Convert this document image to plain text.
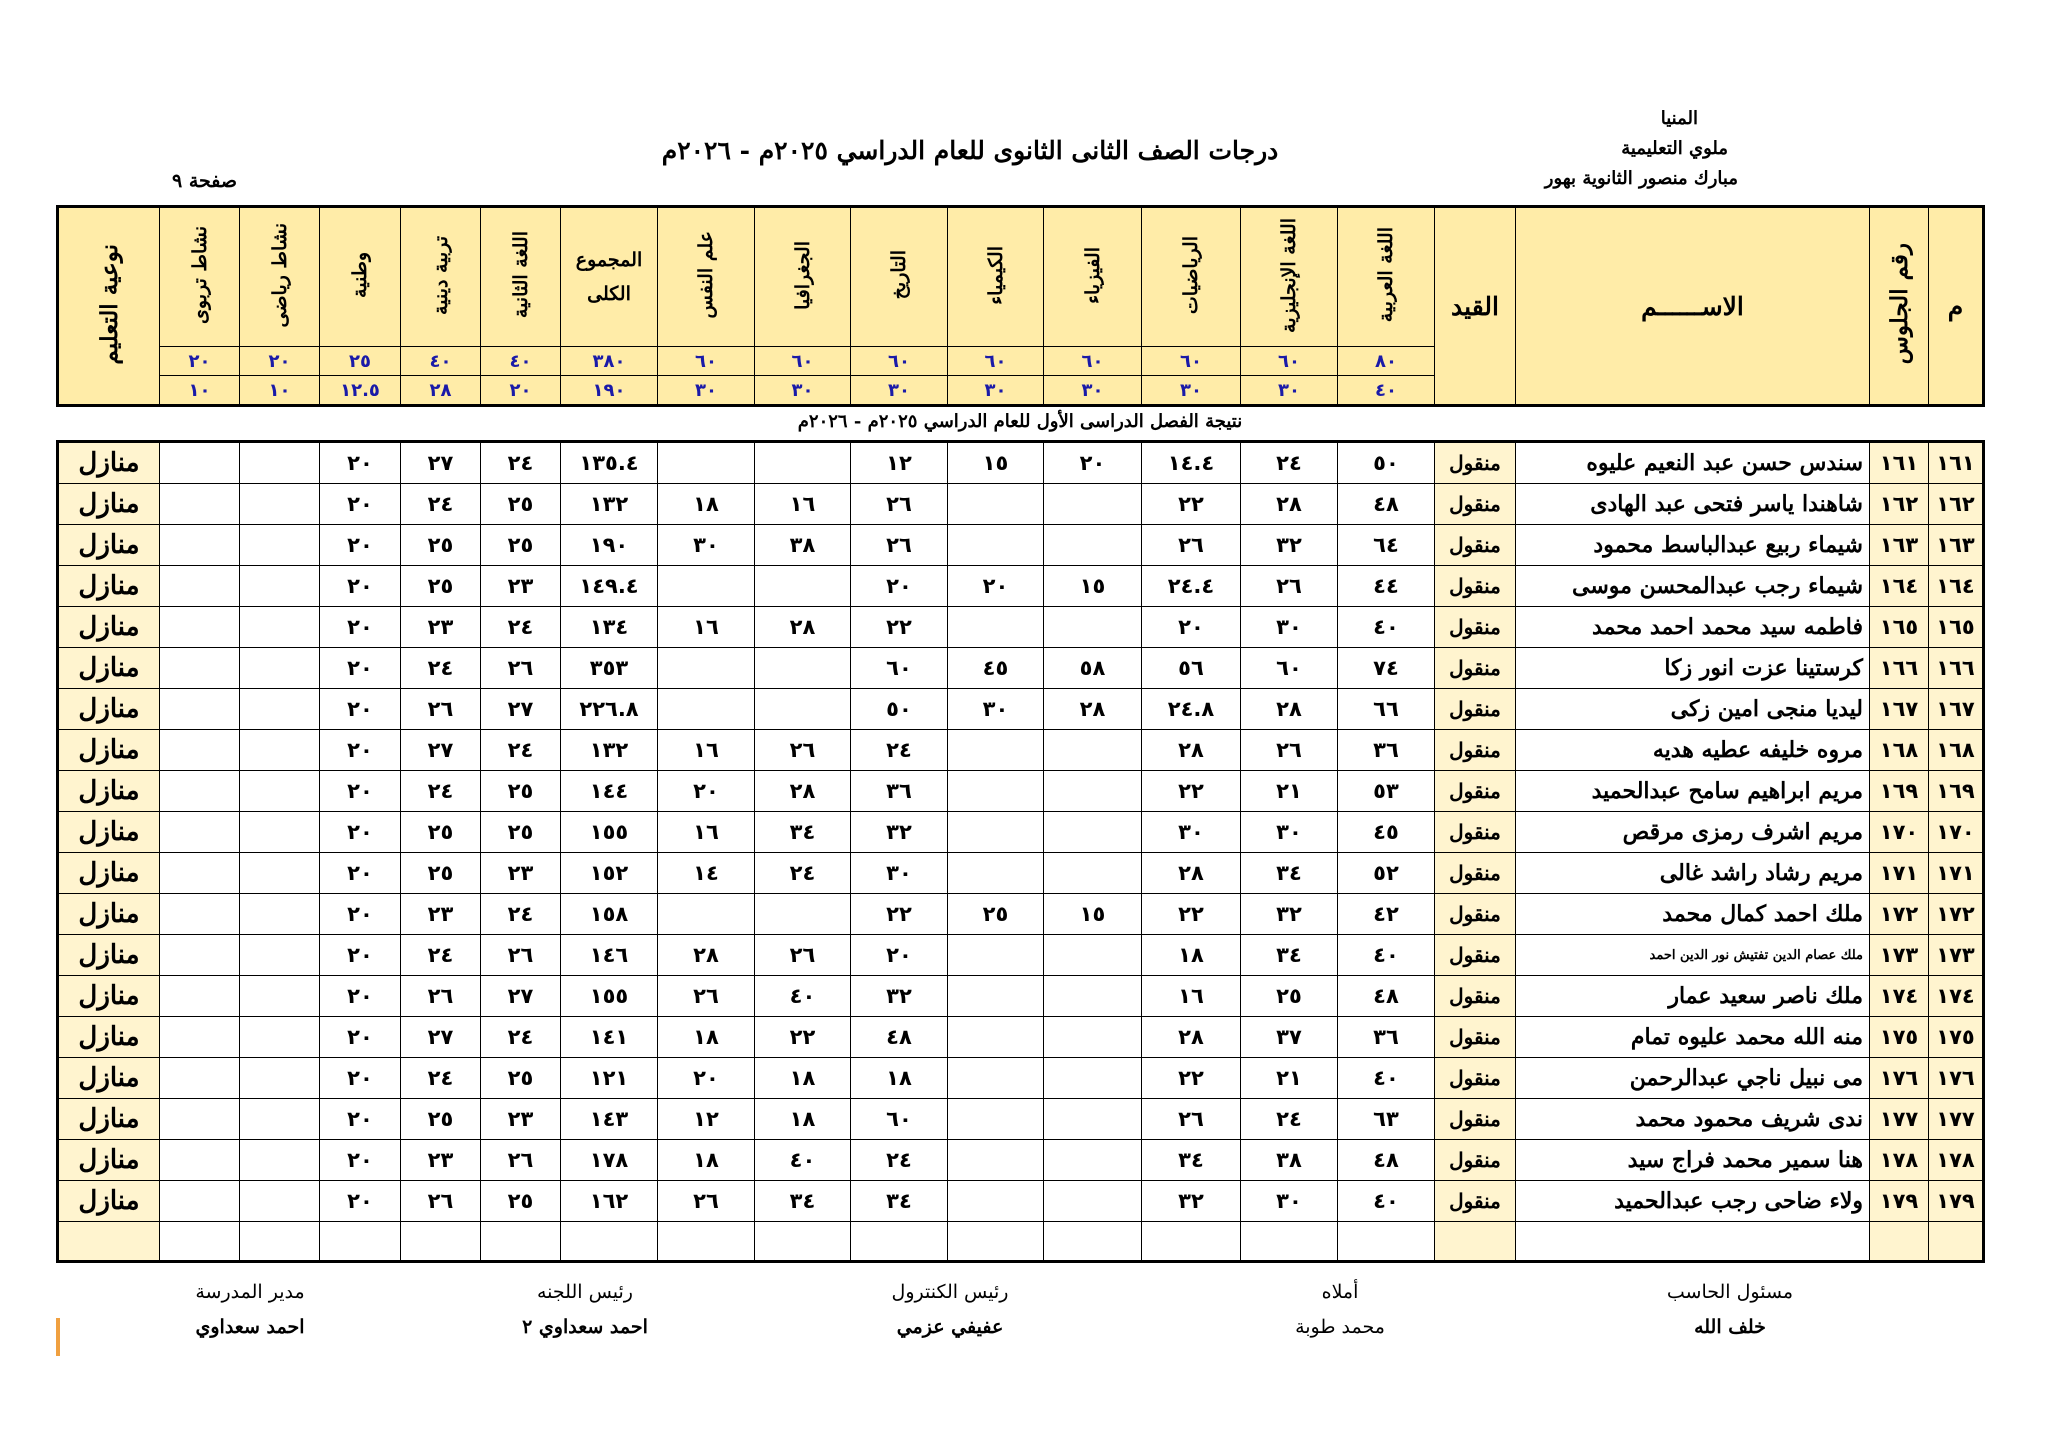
المنيا
ملوي التعليمية
مبارك منصور الثانوية بهور
درجات الصف الثانى الثانوى للعام الدراسي ٢٠٢٥م - ٢٠٢٦م
صفحة ٩
م	رقم الجلوس	الاســــــم	القيد	اللغة العربية	اللغة الإنجليزية	الرياضيات	الفيزياء	الكيمياء	التاريخ	الجغرافيا	علم النفس	المجموع
الكلى	اللغة الثانية	تربية دينية	وطنية	نشاط رياضى	نشاط تربوى	نوعية التعليم
				٨٠	٦٠	٦٠	٦٠	٦٠	٦٠	٦٠	٦٠	٣٨٠	٤٠	٤٠	٢٥	٢٠	٢٠	
				٤٠	٣٠	٣٠	٣٠	٣٠	٣٠	٣٠	٣٠	١٩٠	٢٠	٢٨	١٢.٥	١٠	١٠	
نتيجة الفصل الدراسى الأول للعام الدراسي ٢٠٢٥م - ٢٠٢٦م
١٦١	١٦١	سندس حسن عبد النعيم عليوه	منقول	٥٠	٢٤	١٤.٤	٢٠	١٥	١٢			١٣٥.٤	٢٤	٢٧	٢٠			منازل
١٦٢	١٦٢	شاهندا ياسر فتحى عبد الهادى	منقول	٤٨	٢٨	٢٢			٢٦	١٦	١٨	١٣٢	٢٥	٢٤	٢٠			منازل
١٦٣	١٦٣	شيماء ربيع عبدالباسط محمود	منقول	٦٤	٣٢	٢٦			٢٦	٣٨	٣٠	١٩٠	٢٥	٢٥	٢٠			منازل
١٦٤	١٦٤	شيماء رجب عبدالمحسن موسى	منقول	٤٤	٢٦	٢٤.٤	١٥	٢٠	٢٠			١٤٩.٤	٢٣	٢٥	٢٠			منازل
١٦٥	١٦٥	فاطمه سيد محمد احمد محمد	منقول	٤٠	٣٠	٢٠			٢٢	٢٨	١٦	١٣٤	٢٤	٢٣	٢٠			منازل
١٦٦	١٦٦	كرستينا عزت انور زكا	منقول	٧٤	٦٠	٥٦	٥٨	٤٥	٦٠			٣٥٣	٢٦	٢٤	٢٠			منازل
١٦٧	١٦٧	ليديا منجى امين زكى	منقول	٦٦	٢٨	٢٤.٨	٢٨	٣٠	٥٠			٢٢٦.٨	٢٧	٢٦	٢٠			منازل
١٦٨	١٦٨	مروه خليفه عطيه هديه	منقول	٣٦	٢٦	٢٨			٢٤	٢٦	١٦	١٣٢	٢٤	٢٧	٢٠			منازل
١٦٩	١٦٩	مريم ابراهيم سامح عبدالحميد	منقول	٥٣	٢١	٢٢			٣٦	٢٨	٢٠	١٤٤	٢٥	٢٤	٢٠			منازل
١٧٠	١٧٠	مريم اشرف رمزى مرقص	منقول	٤٥	٣٠	٣٠			٣٢	٣٤	١٦	١٥٥	٢٥	٢٥	٢٠			منازل
١٧١	١٧١	مريم رشاد راشد غالى	منقول	٥٢	٣٤	٢٨			٣٠	٢٤	١٤	١٥٢	٢٣	٢٥	٢٠			منازل
١٧٢	١٧٢	ملك احمد كمال محمد	منقول	٤٢	٣٢	٢٢	١٥	٢٥	٢٢			١٥٨	٢٤	٢٣	٢٠			منازل
١٧٣	١٧٣	ملك عصام الدين تفتيش نور الدين احمد	منقول	٤٠	٣٤	١٨			٢٠	٢٦	٢٨	١٤٦	٢٦	٢٤	٢٠			منازل
١٧٤	١٧٤	ملك ناصر سعيد عمار	منقول	٤٨	٢٥	١٦			٣٢	٤٠	٢٦	١٥٥	٢٧	٢٦	٢٠			منازل
١٧٥	١٧٥	منه الله محمد عليوه تمام	منقول	٣٦	٣٧	٢٨			٤٨	٢٢	١٨	١٤١	٢٤	٢٧	٢٠			منازل
١٧٦	١٧٦	مى نبيل ناجي عبدالرحمن	منقول	٤٠	٢١	٢٢			١٨	١٨	٢٠	١٢١	٢٥	٢٤	٢٠			منازل
١٧٧	١٧٧	ندى شريف محمود محمد	منقول	٦٣	٢٤	٢٦			٦٠	١٨	١٢	١٤٣	٢٣	٢٥	٢٠			منازل
١٧٨	١٧٨	هنا سمير محمد فراج سيد	منقول	٤٨	٣٨	٣٤			٢٤	٤٠	١٨	١٧٨	٢٦	٢٣	٢٠			منازل
١٧٩	١٧٩	ولاء ضاحى رجب عبدالحميد	منقول	٤٠	٣٠	٣٢			٣٤	٣٤	٢٦	١٦٢	٢٥	٢٦	٢٠			منازل

مسئول الحاسب
خلف الله
أملاه
محمد طوبة
رئيس الكنترول
عفيفي عزمي
رئيس اللجنه
احمد سعداوي ٢
مدير المدرسة
احمد سعداوي
